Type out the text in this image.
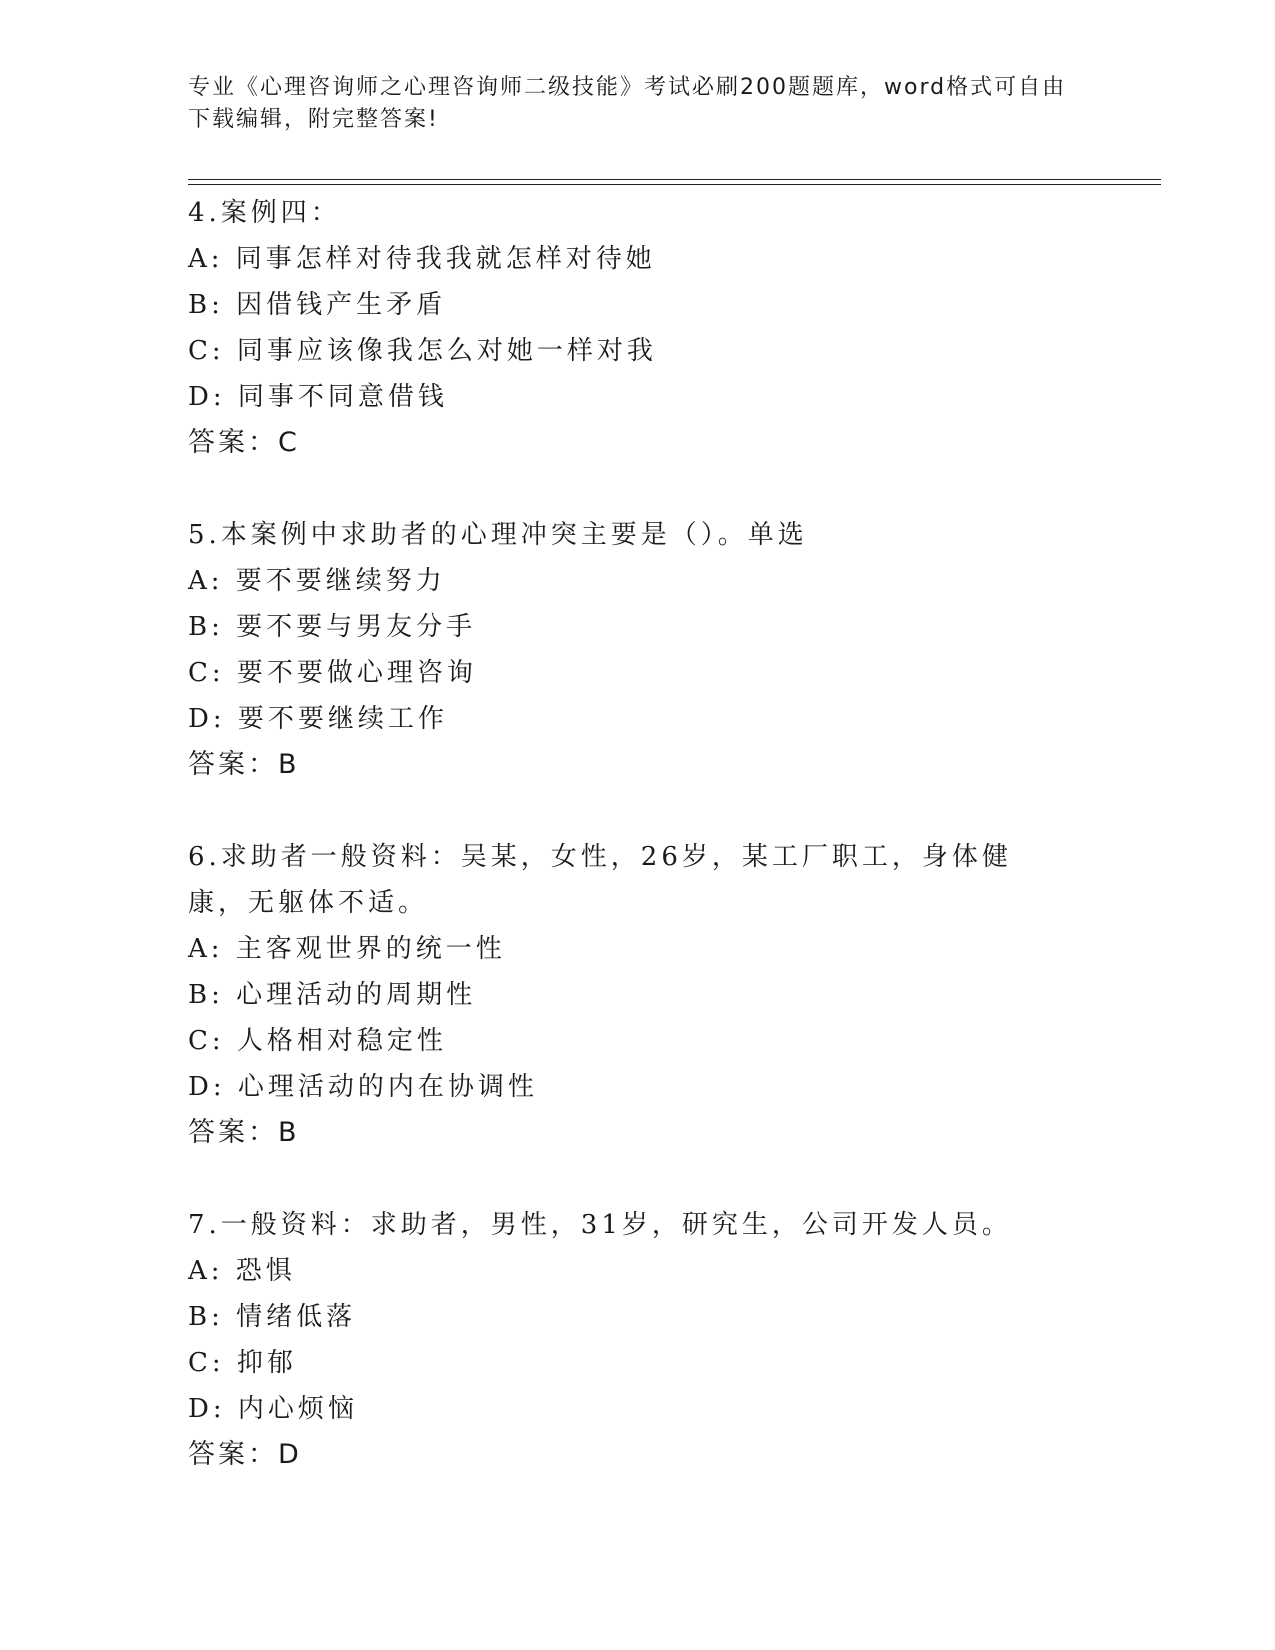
专业《心理咨询师之心理咨询师二级技能》考试必刷200题题库，word格式可自由下载编辑，附完整答案!
4.案例四：
A: 同事怎样对待我我就怎样对待她
B: 因借钱产生矛盾
C: 同事应该像我怎么对她一样对我
D: 同事不同意借钱
答案：C
5.本案例中求助者的心理冲突主要是（）。单选
A: 要不要继续努力
B: 要不要与男友分手
C: 要不要做心理咨询
D: 要不要继续工作
答案：B
6.求助者一般资料：吴某，女性，26岁，某工厂职工，身体健康，无躯体不适。
A: 主客观世界的统一性
B: 心理活动的周期性
C: 人格相对稳定性
D: 心理活动的内在协调性
答案：B
7.一般资料：求助者，男性，31岁，研究生，公司开发人员。
A: 恐惧
B: 情绪低落
C: 抑郁
D: 内心烦恼
答案：D
